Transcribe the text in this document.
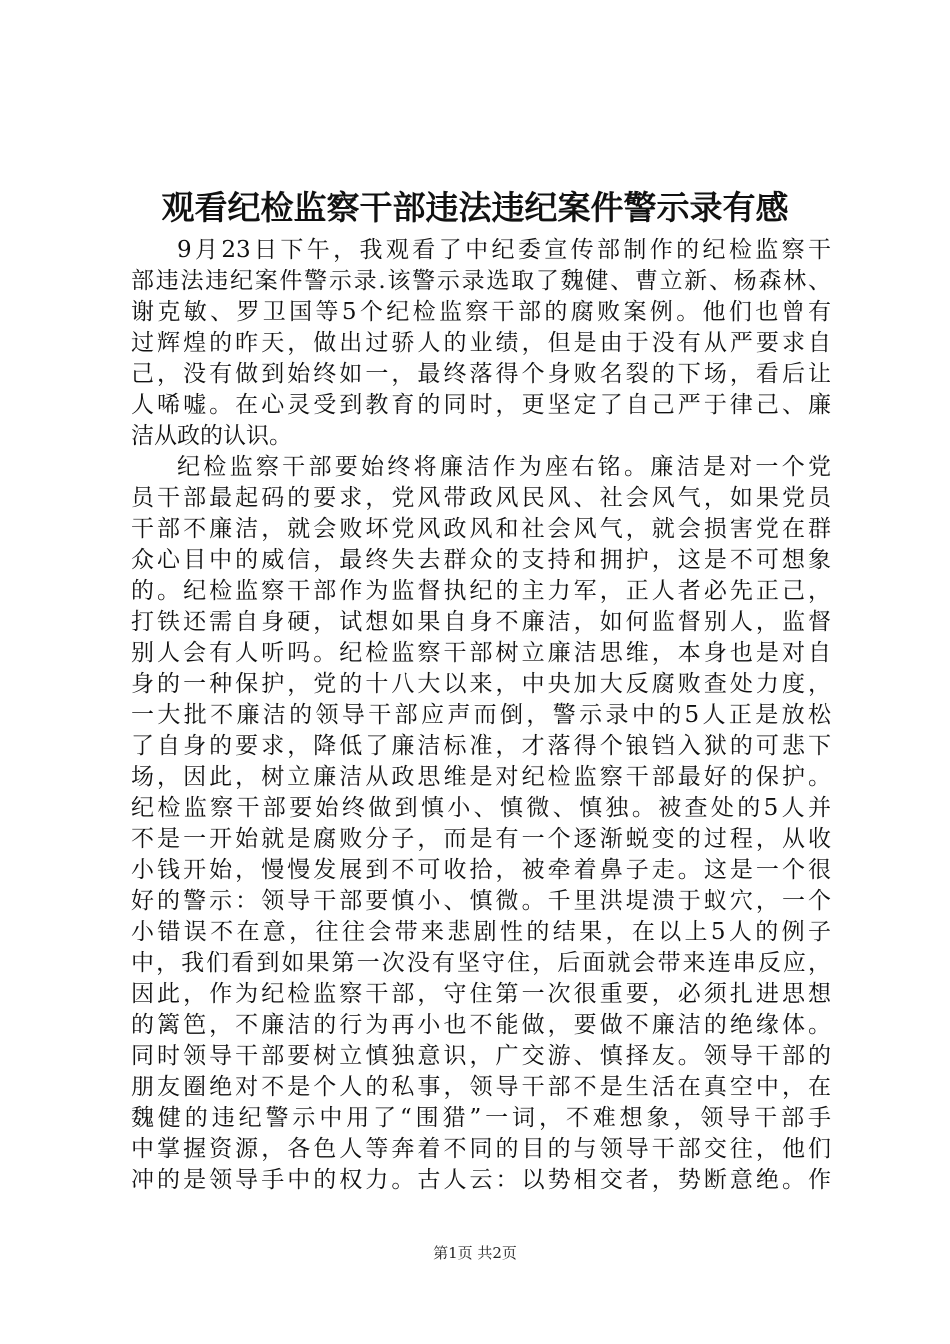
观看纪检监察干部违法违纪案件警示录有感
9月23日下午，我观看了中纪委宣传部制作的纪检监察干
部违法违纪案件警示录.该警示录选取了魏健、曹立新、杨森林、
谢克敏、罗卫国等5个纪检监察干部的腐败案例。他们也曾有
过辉煌的昨天，做出过骄人的业绩，但是由于没有从严要求自
己，没有做到始终如一，最终落得个身败名裂的下场，看后让
人唏嘘。在心灵受到教育的同时，更坚定了自己严于律己、廉
洁从政的认识。
纪检监察干部要始终将廉洁作为座右铭。廉洁是对一个党
员干部最起码的要求，党风带政风民风、社会风气，如果党员
干部不廉洁，就会败坏党风政风和社会风气，就会损害党在群
众心目中的威信，最终失去群众的支持和拥护，这是不可想象
的。纪检监察干部作为监督执纪的主力军，正人者必先正己，
打铁还需自身硬，试想如果自身不廉洁，如何监督别人，监督
别人会有人听吗。纪检监察干部树立廉洁思维，本身也是对自
身的一种保护，党的十八大以来，中央加大反腐败查处力度，
一大批不廉洁的领导干部应声而倒，警示录中的5人正是放松
了自身的要求，降低了廉洁标准，才落得个锒铛入狱的可悲下
场，因此，树立廉洁从政思维是对纪检监察干部最好的保护。
纪检监察干部要始终做到慎小、慎微、慎独。被查处的5人并
不是一开始就是腐败分子，而是有一个逐渐蜕变的过程，从收
小钱开始，慢慢发展到不可收拾，被牵着鼻子走。这是一个很
好的警示：领导干部要慎小、慎微。千里洪堤溃于蚁穴，一个
小错误不在意，往往会带来悲剧性的结果，在以上5人的例子
中，我们看到如果第一次没有坚守住，后面就会带来连串反应，
因此，作为纪检监察干部，守住第一次很重要，必须扎进思想
的篱笆，不廉洁的行为再小也不能做，要做不廉洁的绝缘体。
同时领导干部要树立慎独意识，广交游、慎择友。领导干部的
朋友圈绝对不是个人的私事，领导干部不是生活在真空中，在
魏健的违纪警示中用了“围猎”一词，不难想象，领导干部手
中掌握资源，各色人等奔着不同的目的与领导干部交往，他们
冲的是领导手中的权力。古人云：以势相交者，势断意绝。作
第1页 共2页
